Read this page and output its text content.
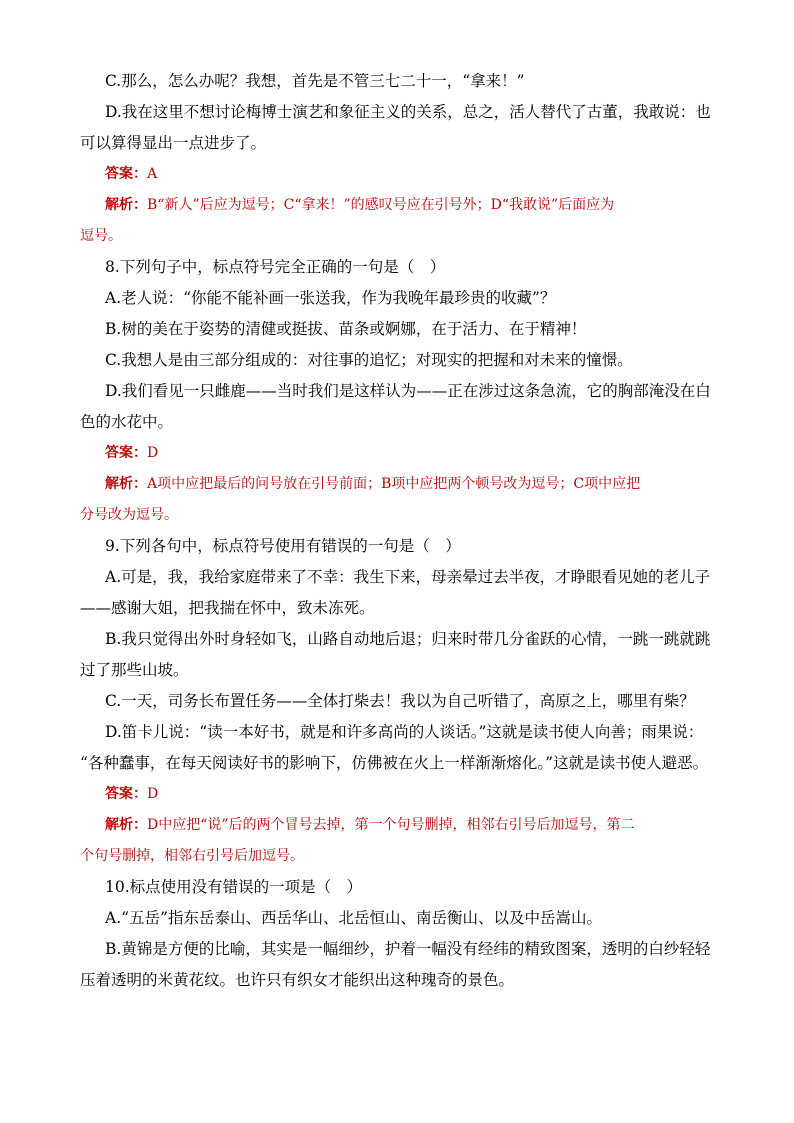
C.那么，怎么办呢？我想，首先是不管三七二十一，“拿来！”
D.我在这里不想讨论梅博士演艺和象征主义的关系，总之，活人替代了古董，我敢说：也
可以算得显出一点进步了。
答案：A
解析：B“新人”后应为逗号；C“拿来！”的感叹号应在引号外；D“我敢说”后面应为
逗号。
8.下列句子中，标点符号完全正确的一句是（　）
A.老人说：“你能不能补画一张送我，作为我晚年最珍贵的收藏”？
B.树的美在于姿势的清健或挺拔、苗条或婀娜，在于活力、在于精神！
C.我想人是由三部分组成的：对往事的追忆；对现实的把握和对未来的憧憬。
D.我们看见一只雌鹿——当时我们是这样认为——正在涉过这条急流，它的胸部淹没在白
色的水花中。
答案：D
解析：A项中应把最后的问号放在引号前面；B项中应把两个顿号改为逗号；C项中应把
分号改为逗号。
9.下列各句中，标点符号使用有错误的一句是（　）
A.可是，我，我给家庭带来了不幸：我生下来，母亲晕过去半夜，才睁眼看见她的老儿子
——感谢大姐，把我揣在怀中，致未冻死。
B.我只觉得出外时身轻如飞，山路自动地后退；归来时带几分雀跃的心情，一跳一跳就跳
过了那些山坡。
C.一天，司务长布置任务——全体打柴去！我以为自己听错了，高原之上，哪里有柴？
D.笛卡儿说：“读一本好书，就是和许多高尚的人谈话。”这就是读书使人向善；雨果说：
“各种蠢事，在每天阅读好书的影响下，仿佛被在火上一样渐渐熔化。”这就是读书使人避恶。
答案：D
解析：D中应把“说”后的两个冒号去掉，第一个句号删掉，相邻右引号后加逗号，第二
个句号删掉，相邻右引号后加逗号。
10.标点使用没有错误的一项是（　）
A.“五岳”指东岳泰山、西岳华山、北岳恒山、南岳衡山、以及中岳嵩山。
B.黄锦是方便的比喻，其实是一幅细纱，护着一幅没有经纬的精致图案，透明的白纱轻轻
压着透明的米黄花纹。也许只有织女才能织出这种瑰奇的景色。
